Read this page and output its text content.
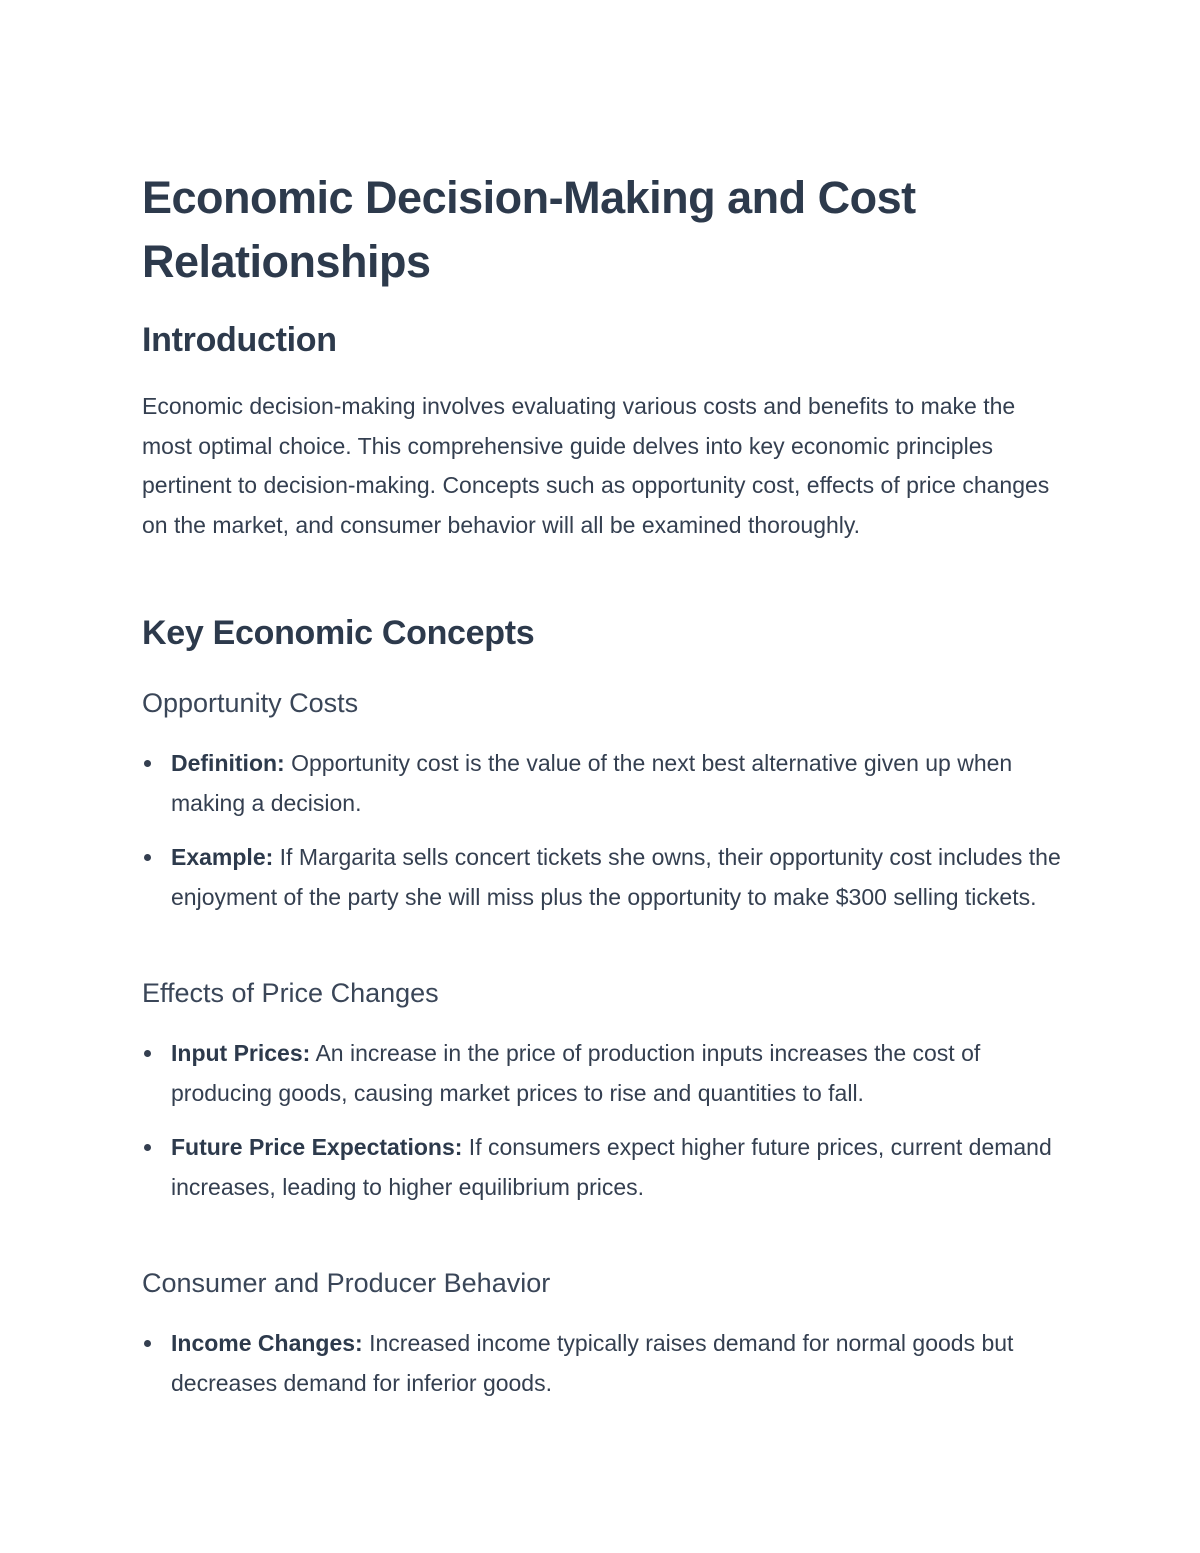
Economic Decision-Making and Cost Relationships
Introduction

Economic decision-making involves evaluating various costs and benefits to make the most optimal choice. This comprehensive guide delves into key economic principles pertinent to decision-making. Concepts such as opportunity cost, effects of price changes on the market, and consumer behavior will all be examined thoroughly.

Key Economic Concepts
Opportunity Costs
Definition: Opportunity cost is the value of the next best alternative given up when making a decision.
Example: If Margarita sells concert tickets she owns, their opportunity cost includes the enjoyment of the party she will miss plus the opportunity to make $300 selling tickets.
Effects of Price Changes
Input Prices: An increase in the price of production inputs increases the cost of producing goods, causing market prices to rise and quantities to fall.
Future Price Expectations: If consumers expect higher future prices, current demand increases, leading to higher equilibrium prices.
Consumer and Producer Behavior
Income Changes: Increased income typically raises demand for normal goods but decreases demand for inferior goods.
